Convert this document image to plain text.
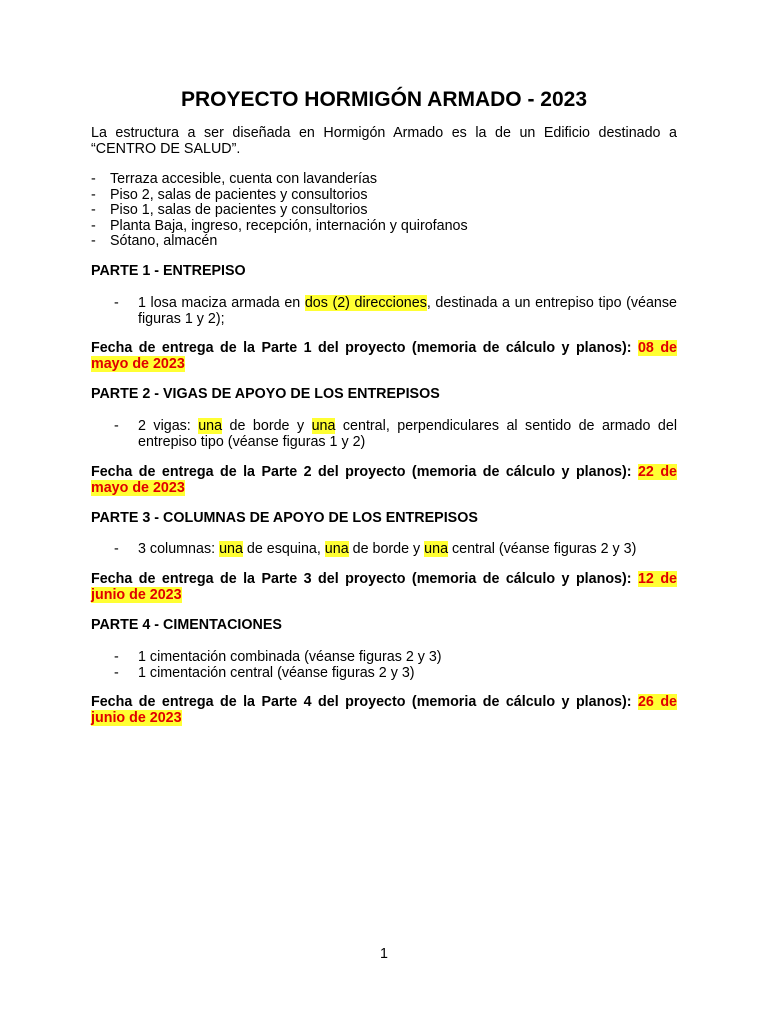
PROYECTO HORMIGÓN ARMADO - 2023
La estructura a ser diseñada en Hormigón Armado es la de un Edificio destinado a
“CENTRO DE SALUD”.
- Terraza accesible, cuenta con lavanderías
- Piso 2, salas de pacientes y consultorios
- Piso 1, salas de pacientes y consultorios
- Planta Baja, ingreso, recepción, internación y quirofanos
- Sótano, almacén
PARTE 1 - ENTREPISO
- 1 losa maciza armada en dos (2) direcciones, destinada a un entrepiso tipo (véanse figuras 1 y 2);
Fecha de entrega de la Parte 1 del proyecto (memoria de cálculo y planos): 08 de mayo de 2023
PARTE 2 - VIGAS DE APOYO DE LOS ENTREPISOS
- 2 vigas: una de borde y una central, perpendiculares al sentido de armado del entrepiso tipo (véanse figuras 1 y 2)
Fecha de entrega de la Parte 2 del proyecto (memoria de cálculo y planos): 22 de mayo de 2023
PARTE 3 - COLUMNAS DE APOYO DE LOS ENTREPISOS
- 3 columnas: una de esquina, una de borde y una central (véanse figuras 2 y 3)
Fecha de entrega de la Parte 3 del proyecto (memoria de cálculo y planos): 12 de junio de 2023
PARTE 4 - CIMENTACIONES
- 1 cimentación combinada (véanse figuras 2 y 3)
- 1 cimentación central (véanse figuras 2 y 3)
Fecha de entrega de la Parte 4 del proyecto (memoria de cálculo y planos): 26 de junio de 2023
1
